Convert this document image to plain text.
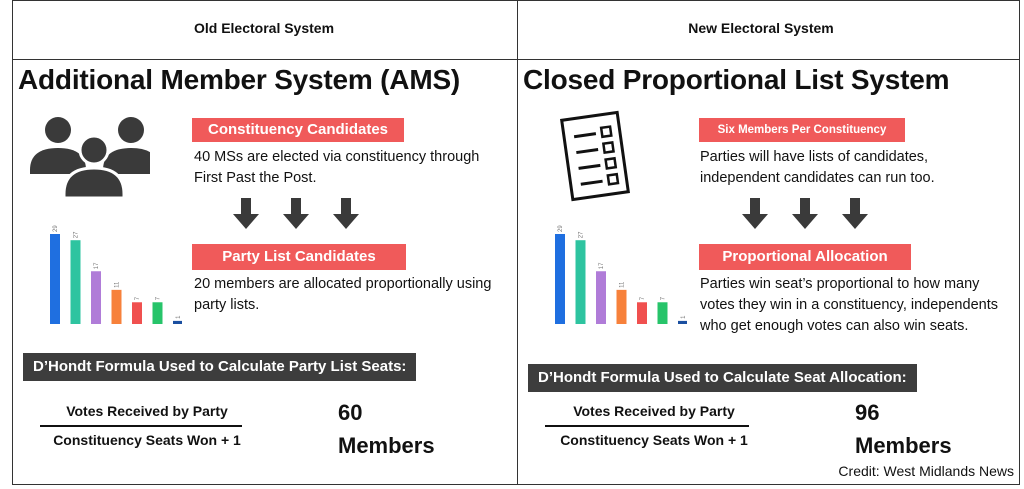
Old Electoral System
Additional Member System (AMS)
Constituency Candidates
40 MSs are elected via constituency through First Past the Post.
29
27
17
11
7 7
1
Party List Candidates
20 members are allocated proportionally using party lists.
D’Hondt Formula Used to Calculate Party List Seats:
Votes Received by Party
Constituency Seats Won + 1
60
Members
New Electoral System
Closed Proportional List System
Six Members Per Constituency
Parties will have lists of candidates, independent candidates can run too.
29
27
17
11
7 7
1
Proportional Allocation
Parties win seat’s proportional to how many votes they win in a constituency, independents who get enough votes can also win seats.
D’Hondt Formula Used to Calculate Seat Allocation:
Votes Received by Party
Constituency Seats Won + 1
96
Members
Credit: West Midlands News
